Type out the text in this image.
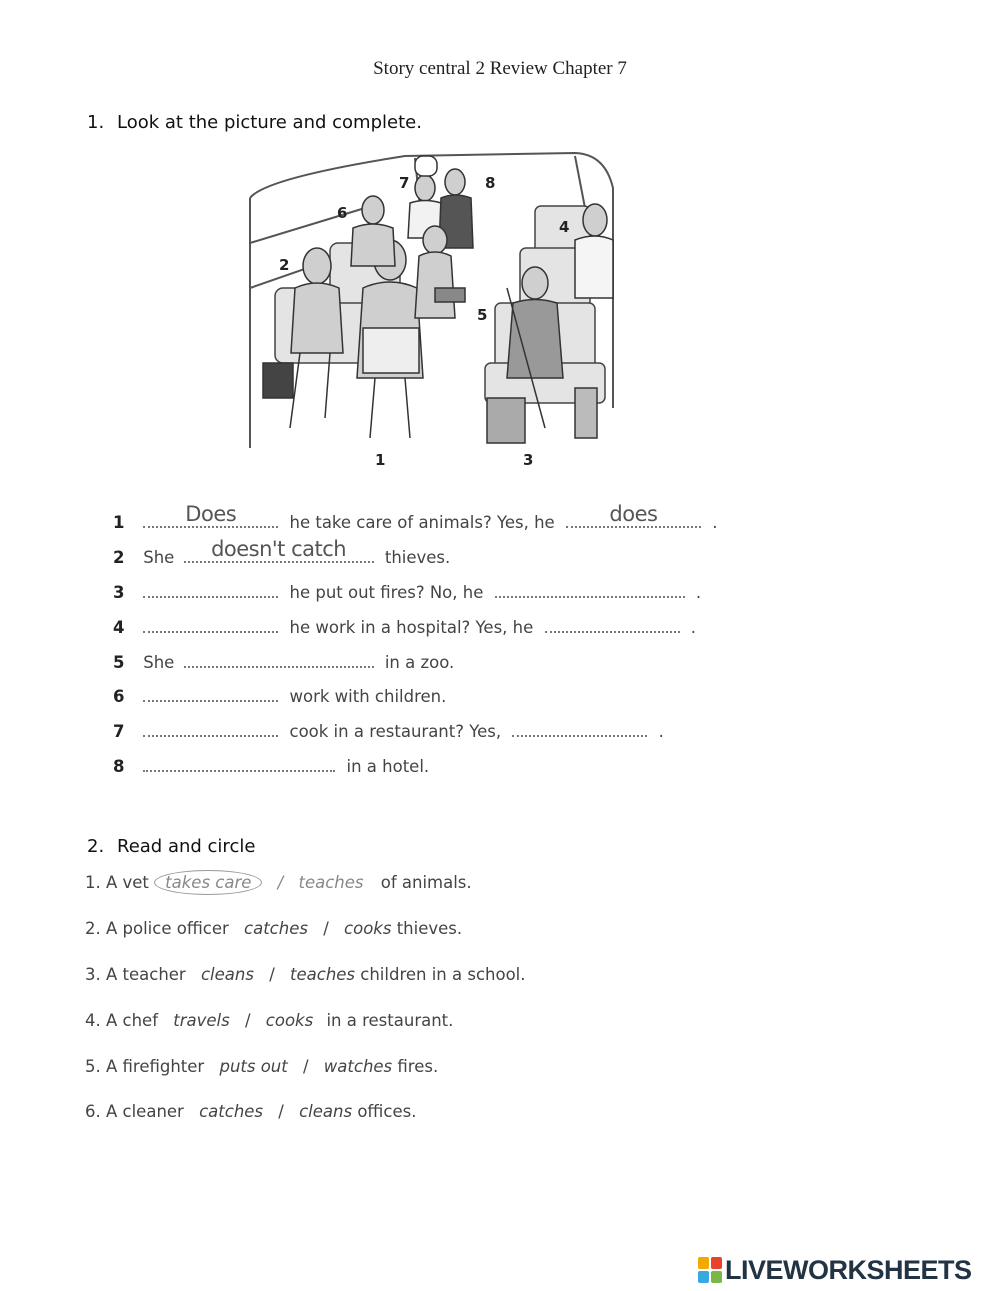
Story central 2 Review Chapter 7
1. Look at the picture and complete.
1
2
3
4
5
6
7	8
1	Does	he take care of animals? Yes, he	does	.
2 She	doesn't catch	thieves.
3	he put out fires? No, he	.
4	he work in a hospital? Yes, he	.
5 She	in a zoo.
6	work with children.
7	cook in a restaurant? Yes,	.
8	in a hotel.
2. Read and circle
1. A vet takes care / teaches of animals.
2. A police officer catches / cooks thieves.
3. A teacher cleans / teaches children in a school.
4. A chef travels / cooks in a restaurant.
5. A firefighter puts out / watches fires.
6. A cleaner catches / cleans offices.
LIVEWORKSHEETS
